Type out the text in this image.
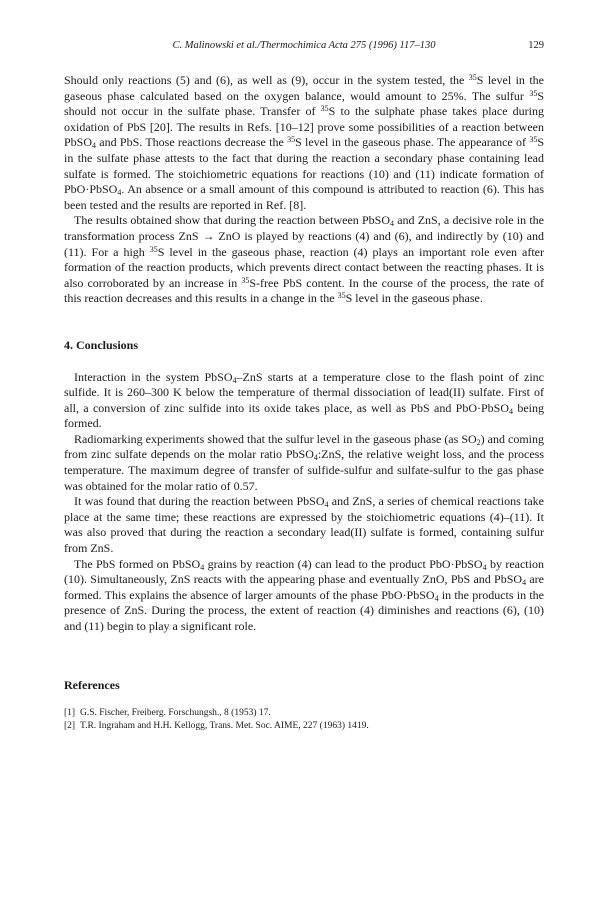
C. Malinowski et al./Thermochimica Acta 275 (1996) 117–130	129

Should only reactions (5) and (6), as well as (9), occur in the system tested, the $^{35}$S level in the gaseous phase calculated based on the oxygen balance, would amount to 25%. The sulfur $^{35}$S should not occur in the sulfate phase. Transfer of $^{35}$S to the sulphate phase takes place during oxidation of PbS [20]. The results in Refs. [10–12] prove some possibilities of a reaction between PbSO$_4$ and PbS. Those reactions decrease the $^{35}$S level in the gaseous phase. The appearance of $^{35}$S in the sulfate phase attests to the fact that during the reaction a secondary phase containing lead sulfate is formed. The stoichiometric equations for reactions (10) and (11) indicate formation of PbO·PbSO$_4$. An absence or a small amount of this compound is attributed to reaction (6). This has been tested and the results are reported in Ref. [8].

The results obtained show that during the reaction between PbSO$_4$ and ZnS, a decisive role in the transformation process ZnS → ZnO is played by reactions (4) and (6), and indirectly by (10) and (11). For a high $^{35}$S level in the gaseous phase, reaction (4) plays an important role even after formation of the reaction products, which prevents direct contact between the reacting phases. It is also corroborated by an increase in $^{35}$S-free PbS content. In the course of the process, the rate of this reaction decreases and this results in a change in the $^{35}$S level in the gaseous phase.

4. Conclusions

Interaction in the system PbSO$_4$–ZnS starts at a temperature close to the flash point of zinc sulfide. It is 260–300 K below the temperature of thermal dissociation of lead(II) sulfate. First of all, a conversion of zinc sulfide into its oxide takes place, as well as PbS and PbO·PbSO$_4$ being formed.

Radiomarking experiments showed that the sulfur level in the gaseous phase (as $SO_2$) and coming from zinc sulfate depends on the molar ratio PbSO$_4$:ZnS, the relative weight loss, and the process temperature. The maximum degree of transfer of sulfide-sulfur and sulfate-sulfur to the gas phase was obtained for the molar ratio of 0.57.

It was found that during the reaction between PbSO$_4$ and ZnS, a series of chemical reactions take place at the same time; these reactions are expressed by the stoichiometric equations (4)–(11). It was also proved that during the reaction a secondary lead(II) sulfate is formed, containing sulfur from ZnS.

The PbS formed on PbSO$_4$ grains by reaction (4) can lead to the product PbO·PbSO$_4$ by reaction (10). Simultaneously, ZnS reacts with the appearing phase and eventually ZnO, PbS and PbSO$_4$ are formed. This explains the absence of larger amounts of the phase PbO·PbSO$_4$ in the products in the presence of ZnS. During the process, the extent of reaction (4) diminishes and reactions (6), (10) and (11) begin to play a significant role.

References
[1] G.S. Fischer, Freiberg. Forschungsh., 8 (1953) 17.
[2] T.R. Ingraham and H.H. Kellogg, Trans. Met. Soc. AIME, 227 (1963) 1419.
